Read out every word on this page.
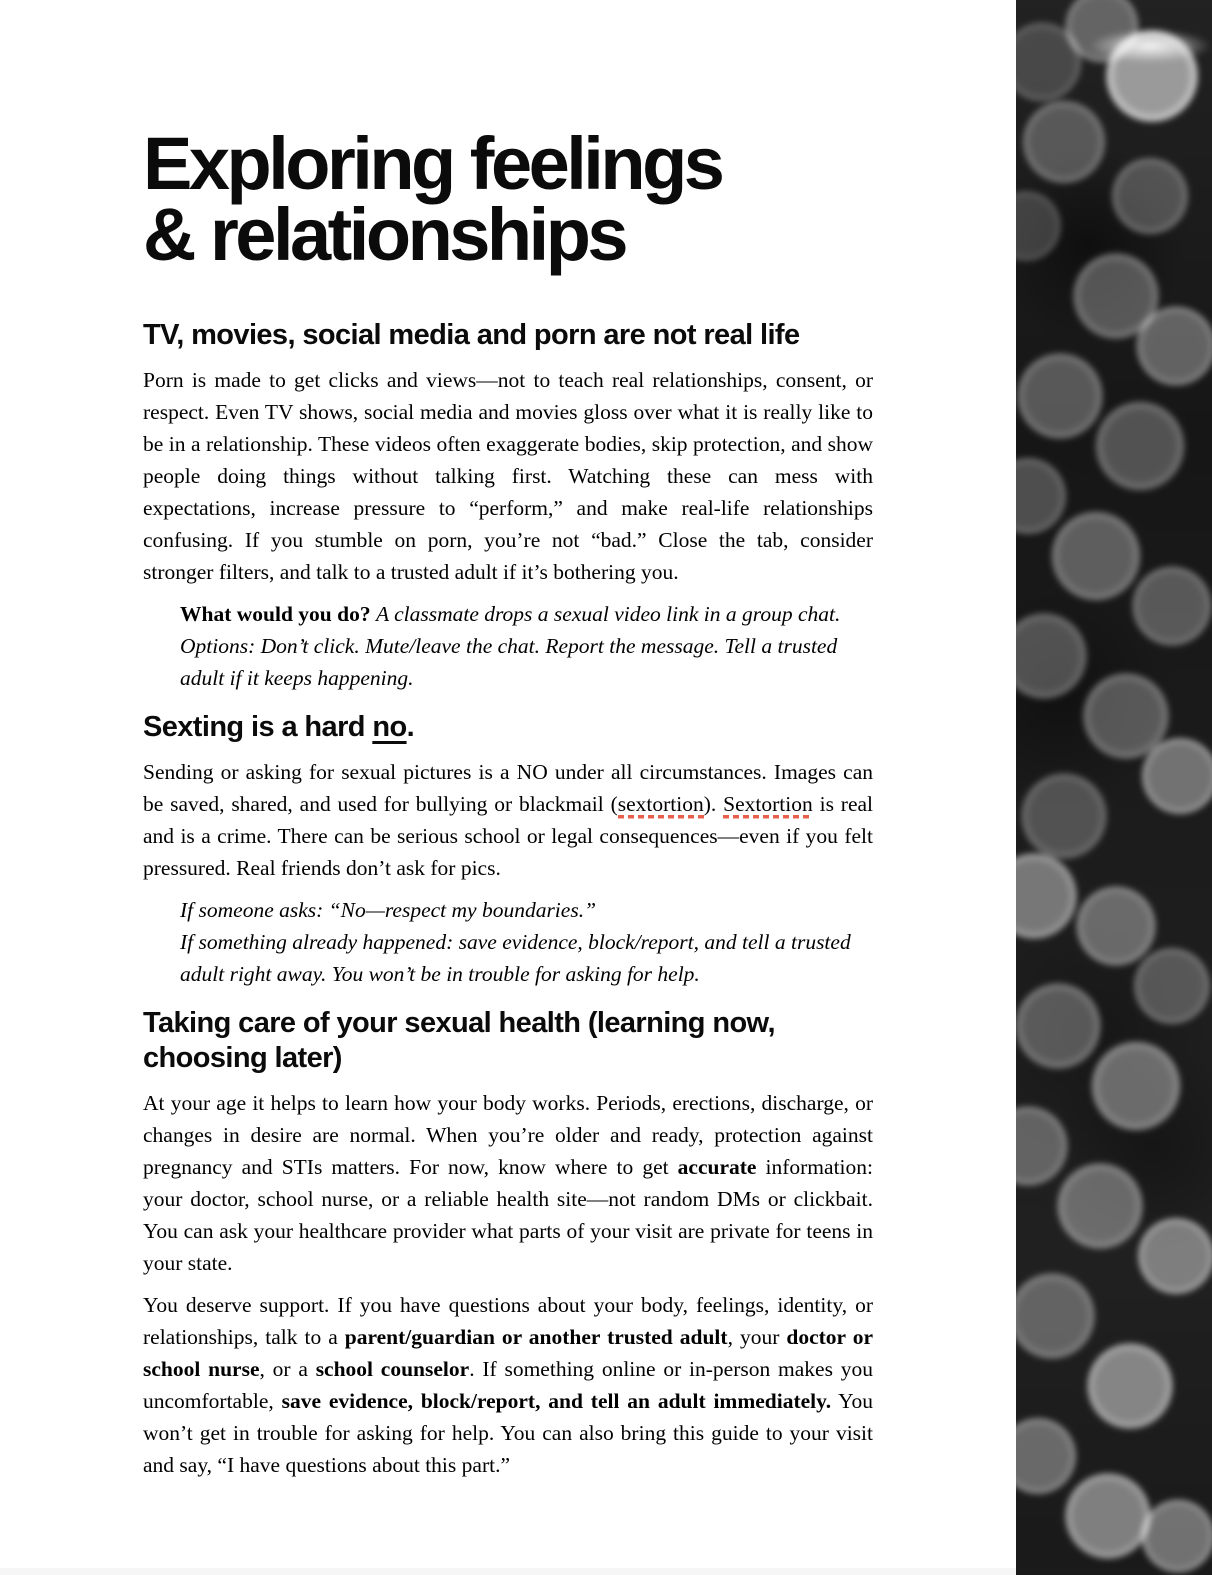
Exploring feelings
& relationships
TV, movies, social media and porn are not real life

Porn is made to get clicks and views—not to teach real relationships, consent, or respect. Even TV shows, social media and movies gloss over what it is really like to be in a relationship. These videos often exaggerate bodies, skip protection, and show people doing things without talking first. Watching these can mess with expectations, increase pressure to “perform,” and make real-life relationships confusing. If you stumble on porn, you’re not “bad.” Close the tab, consider stronger filters, and talk to a trusted adult if it’s bothering you.

What would you do? A classmate drops a sexual video link in a group chat.

Options: Don’t click. Mute/leave the chat. Report the message. Tell a trusted adult if it keeps happening.

Sexting is a hard no.

Sending or asking for sexual pictures is a NO under all circumstances. Images can be saved, shared, and used for bullying or blackmail (sextortion). Sextortion is real and is a crime. There can be serious school or legal consequences—even if you felt pressured. Real friends don’t ask for pics.

If someone asks: “No—respect my boundaries.”

If something already happened: save evidence, block/report, and tell a trusted adult right away. You won’t be in trouble for asking for help.

Taking care of your sexual health (learning now,
choosing later)

At your age it helps to learn how your body works. Periods, erections, discharge, or changes in desire are normal. When you’re older and ready, protection against pregnancy and STIs matters. For now, know where to get accurate information: your doctor, school nurse, or a reliable health site—not random DMs or clickbait. You can ask your healthcare provider what parts of your visit are private for teens in your state.

You deserve support. If you have questions about your body, feelings, identity, or relationships, talk to a parent/guardian or another trusted adult, your doctor or school nurse, or a school counselor. If something online or in-person makes you uncomfortable, save evidence, block/report, and tell an adult immediately. You won’t get in trouble for asking for help. You can also bring this guide to your visit and say, “I have questions about this part.”
